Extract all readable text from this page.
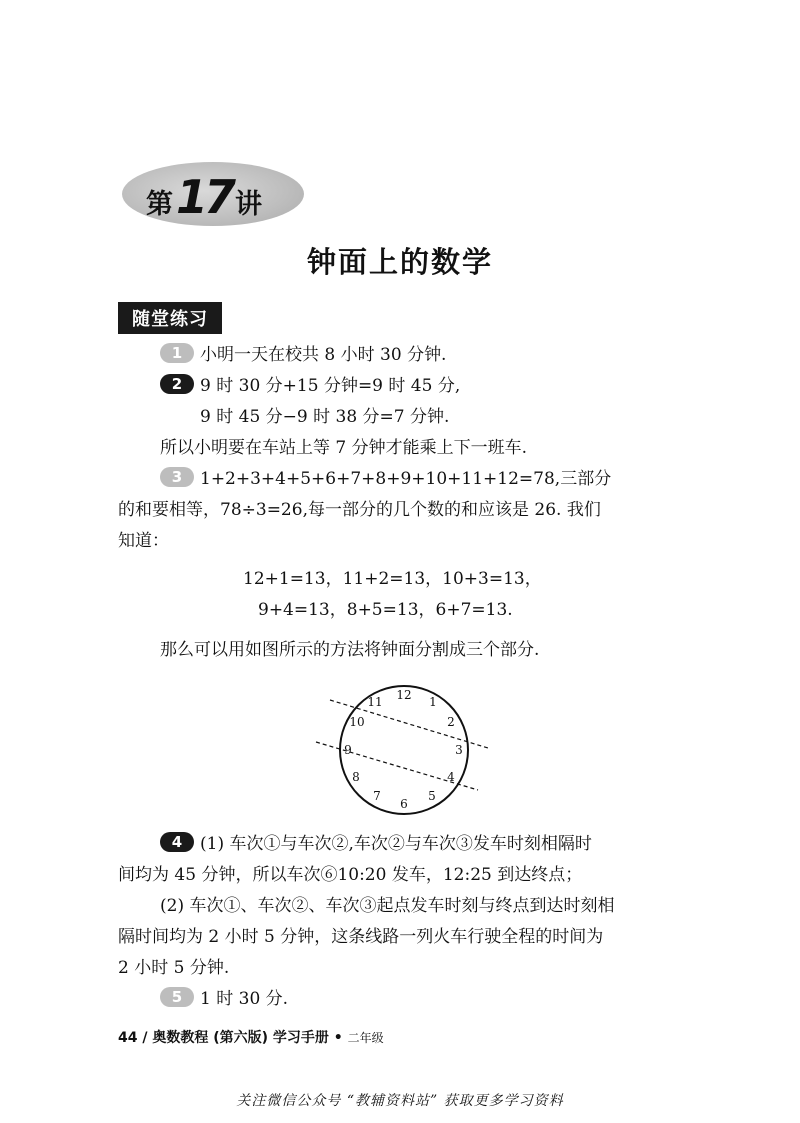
第 17 讲
钟面上的数学
随堂练习
1 小明一天在校共 8 小时 30 分钟.
2 9 时 30 分+15 分钟=9 时 45 分,
9 时 45 分−9 时 38 分=7 分钟.
所以小明要在车站上等 7 分钟才能乘上下一班车.
3 1+2+3+4+5+6+7+8+9+10+11+12=78,三部分
的和要相等，78÷3=26,每一部分的几个数的和应该是 26. 我们
知道：
12+1=13，11+2=13，10+3=13，
9+4=13，8+5=13，6+7=13.
那么可以用如图所示的方法将钟面分割成三个部分.
12 1
2
3
4
5
6
7
8
9
10
11
4 (1) 车次①与车次②,车次②与车次③发车时刻相隔时
间均为 45 分钟，所以车次⑥10:20 发车，12:25 到达终点；
(2) 车次①、车次②、车次③起点发车时刻与终点到达时刻相
隔时间均为 2 小时 5 分钟，这条线路一列火车行驶全程的时间为
2 小时 5 分钟.
5 1 时 30 分.
44 / 奥数教程 (第六版) 学习手册 • 二年级
关注微信公众号 “教辅资料站” 获取更多学习资料
